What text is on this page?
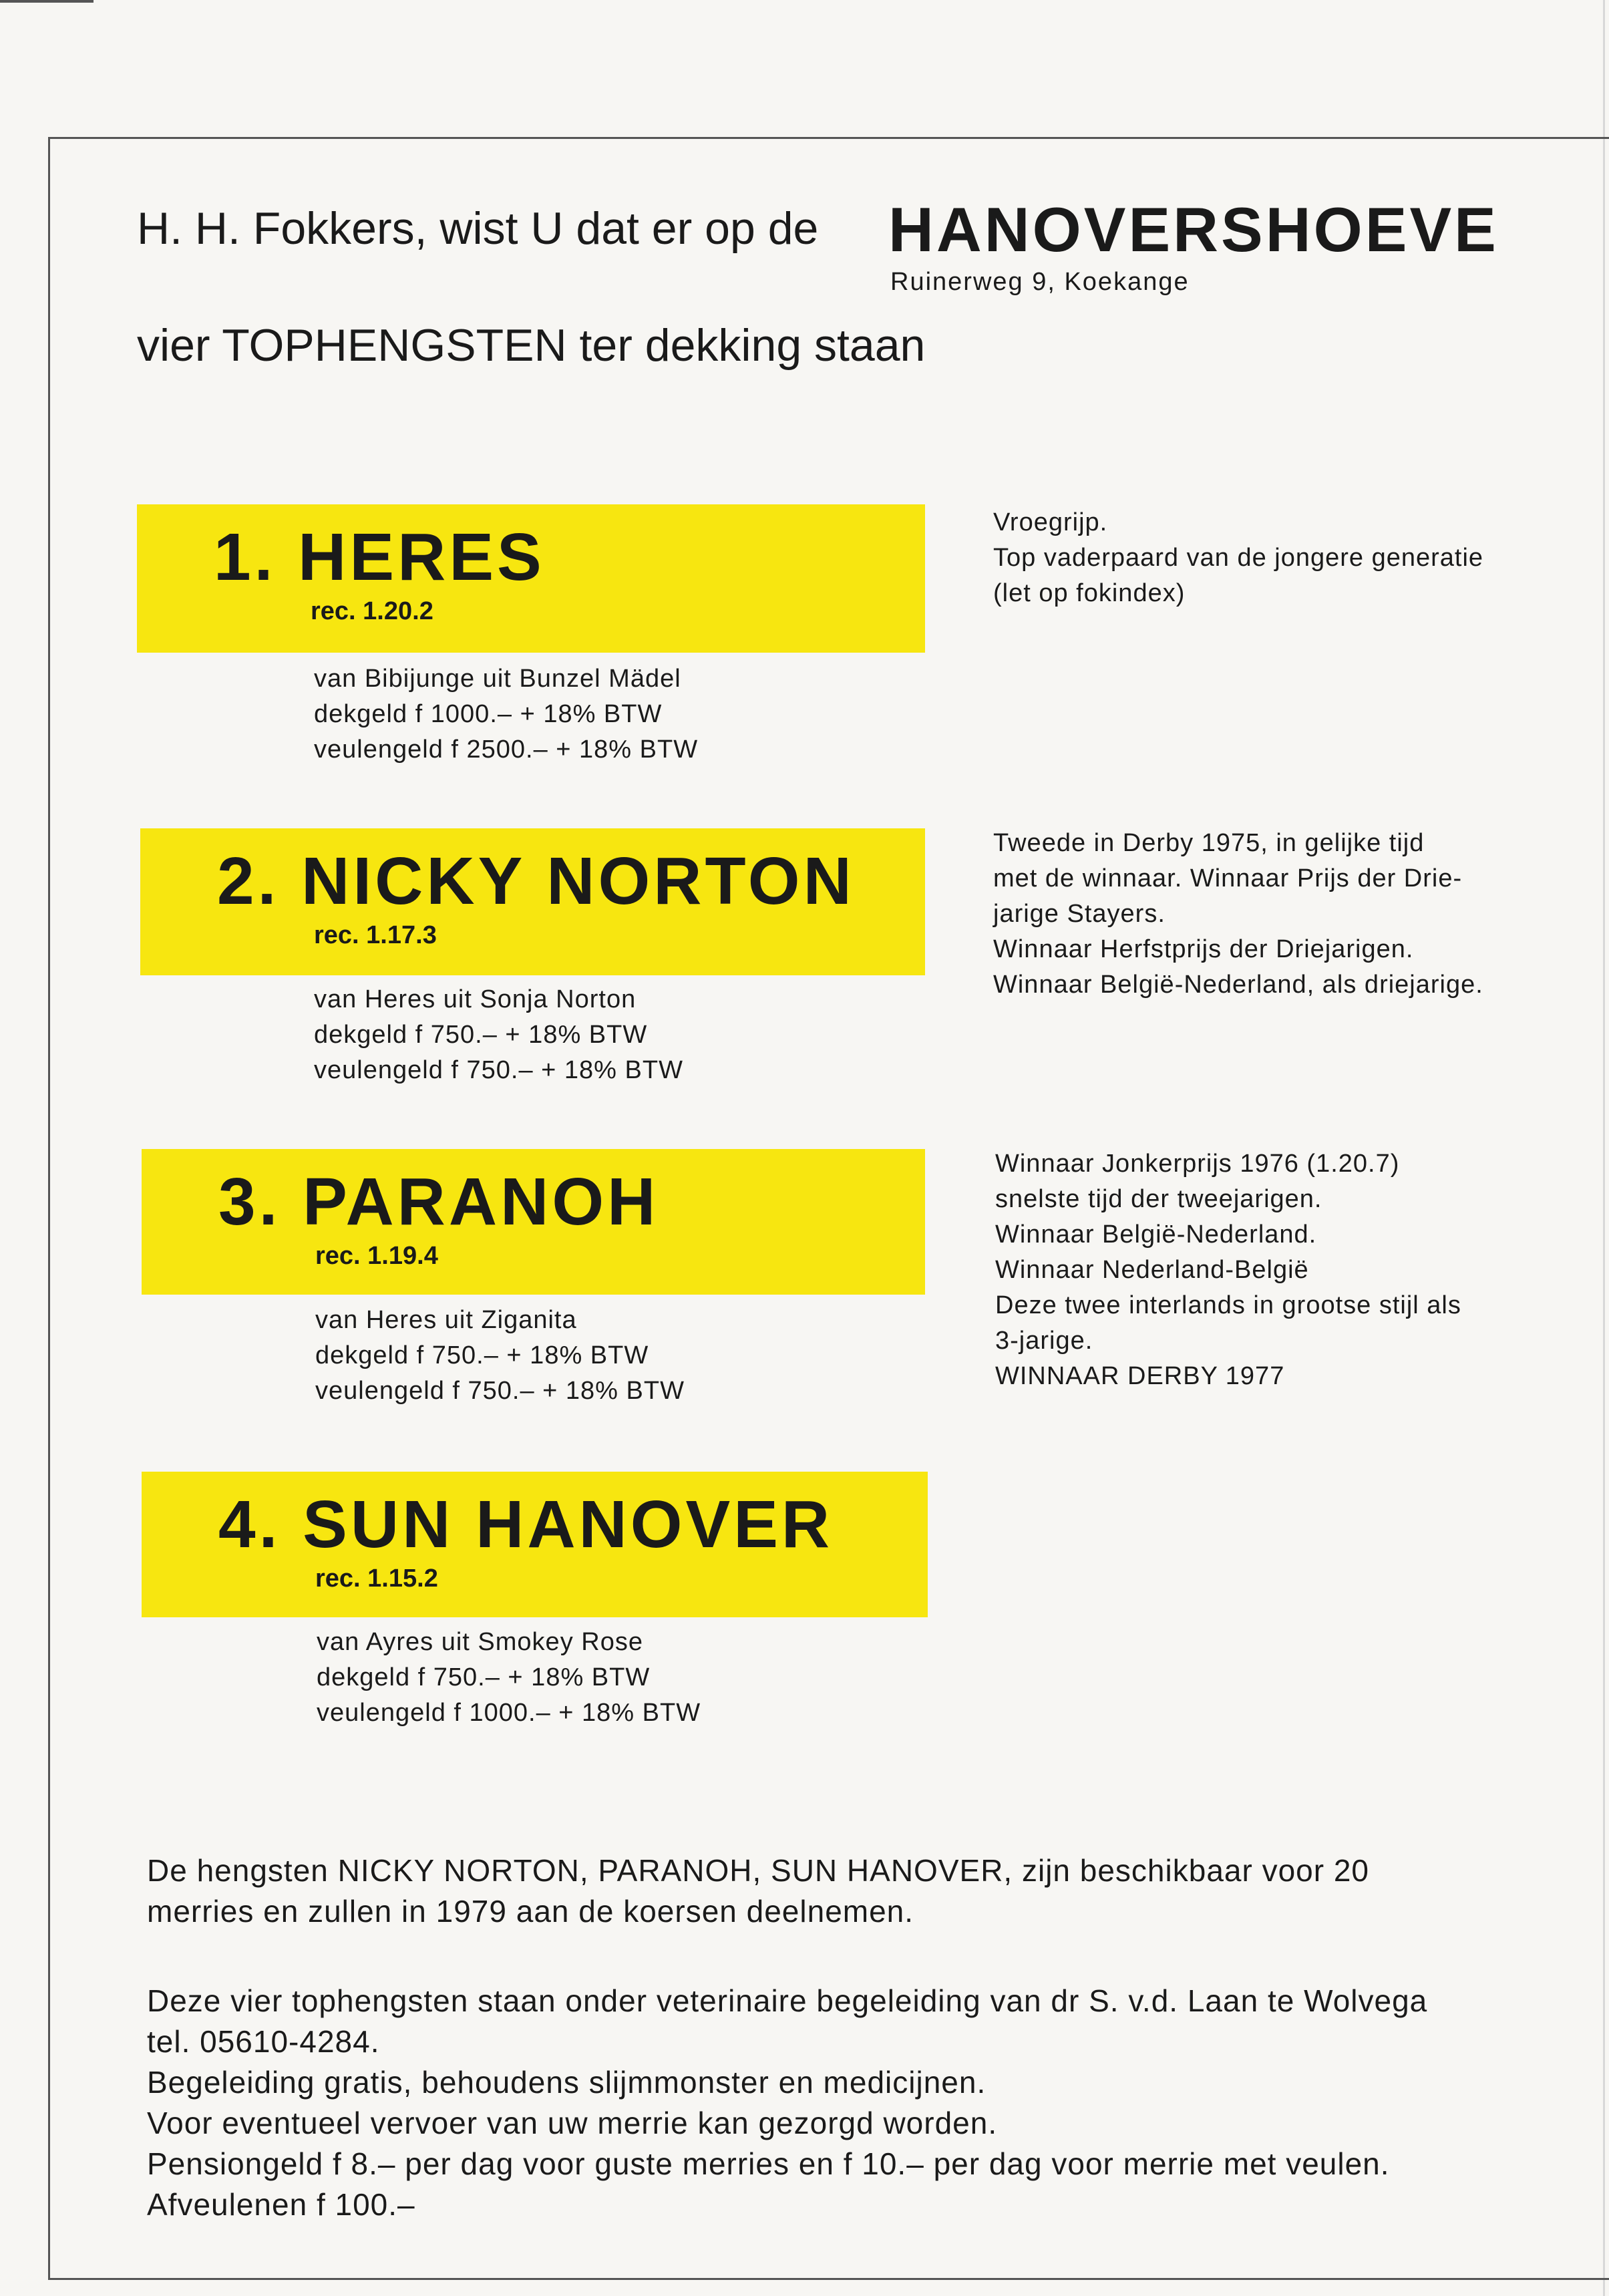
H. H. Fokkers, wist U dat er op de HANOVERSHOEVE
Ruinerweg 9, Koekange
vier TOPHENGSTEN ter dekking staan
1. HERES
rec. 1.20.2
van Bibijunge uit Bunzel Mädel
dekgeld f 1000.– + 18% BTW
veulengeld f 2500.– + 18% BTW
Vroegrijp.
Top vaderpaard van de jongere generatie
(let op fokindex)
2. NICKY NORTON
rec. 1.17.3
van Heres uit Sonja Norton
dekgeld f 750.– + 18% BTW
veulengeld f 750.– + 18% BTW
Tweede in Derby 1975, in gelijke tijd
met de winnaar. Winnaar Prijs der Drie-
jarige Stayers.
Winnaar Herfstprijs der Driejarigen.
Winnaar België-Nederland, als driejarige.
3. PARANOH
rec. 1.19.4
van Heres uit Ziganita
dekgeld f 750.– + 18% BTW
veulengeld f 750.– + 18% BTW
Winnaar Jonkerprijs 1976 (1.20.7)
snelste tijd der tweejarigen.
Winnaar België-Nederland.
Winnaar Nederland-België
Deze twee interlands in grootse stijl als
3-jarige.
WINNAAR DERBY 1977
4. SUN HANOVER
rec. 1.15.2
van Ayres uit Smokey Rose
dekgeld f 750.– + 18% BTW
veulengeld f 1000.– + 18% BTW
De hengsten NICKY NORTON, PARANOH, SUN HANOVER, zijn beschikbaar voor 20
merries en zullen in 1979 aan de koersen deelnemen.
Deze vier tophengsten staan onder veterinaire begeleiding van dr S. v.d. Laan te Wolvega
tel. 05610-4284.
Begeleiding gratis, behoudens slijmmonster en medicijnen.
Voor eventueel vervoer van uw merrie kan gezorgd worden.
Pensiongeld f 8.– per dag voor guste merries en f 10.– per dag voor merrie met veulen.
Afveulenen f 100.–
